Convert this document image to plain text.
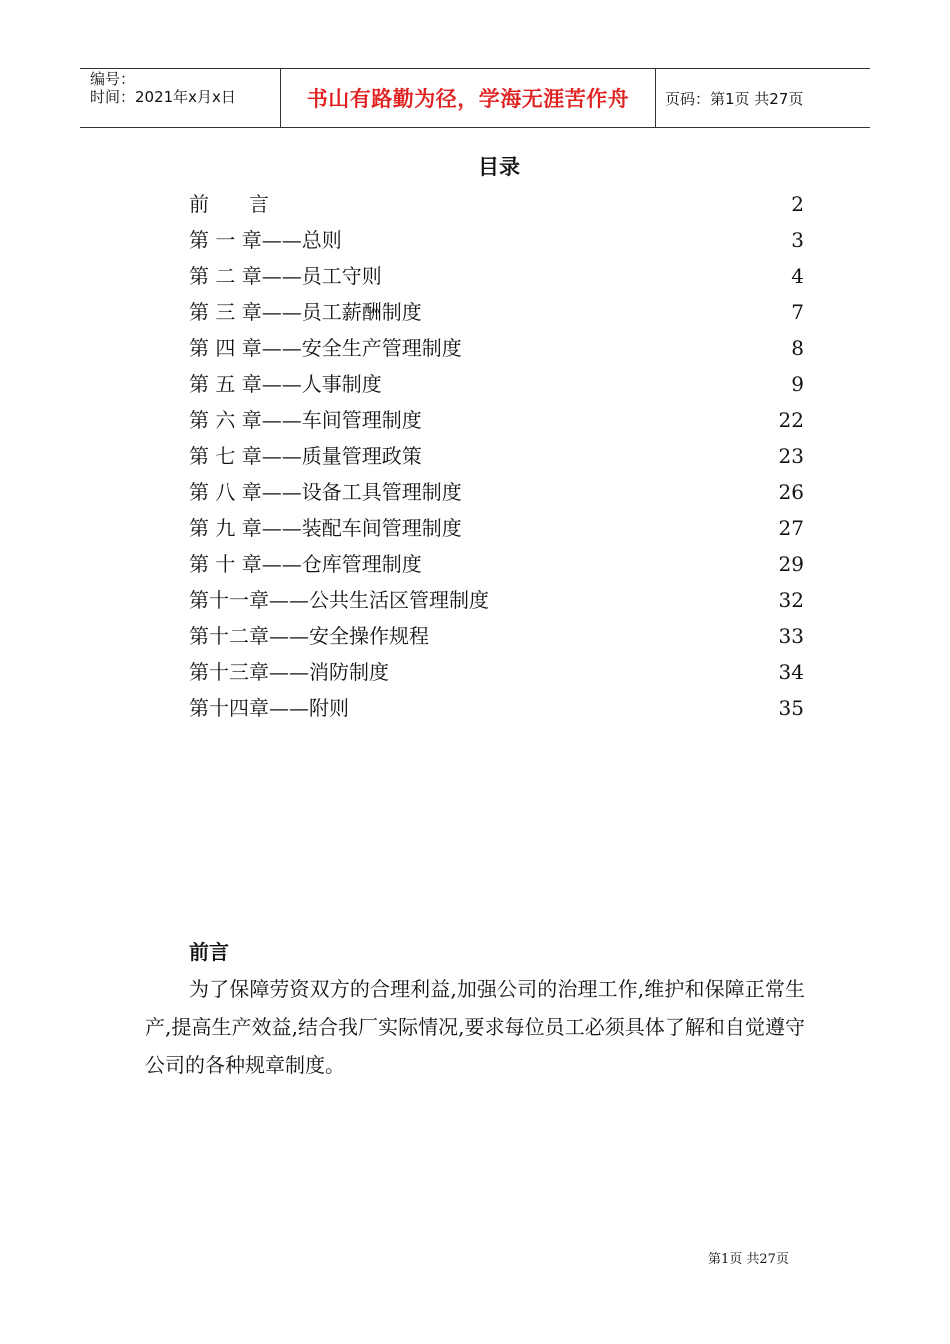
编号：
时间：2021年x月x日	书山有路勤为径，学海无涯苦作舟	页码：第1页 共27页
目录
前　　言	2
第 一 章——总则	3
第 二 章——员工守则	4
第 三 章——员工薪酬制度	7
第 四 章——安全生产管理制度	8
第 五 章——人事制度	9
第 六 章——车间管理制度	22
第 七 章——质量管理政策	23
第 八 章——设备工具管理制度	26
第 九 章——装配车间管理制度	27
第 十 章——仓库管理制度	29
第十一章——公共生活区管理制度	32
第十二章——安全操作规程	33
第十三章——消防制度	34
第十四章——附则	35
前言
为了保障劳资双方的合理利益,加强公司的治理工作,维护和保障正常生产,提高生产效益,结合我厂实际情况,要求每位员工必须具体了解和自觉遵守公司的各种规章制度。
第1页 共27页
